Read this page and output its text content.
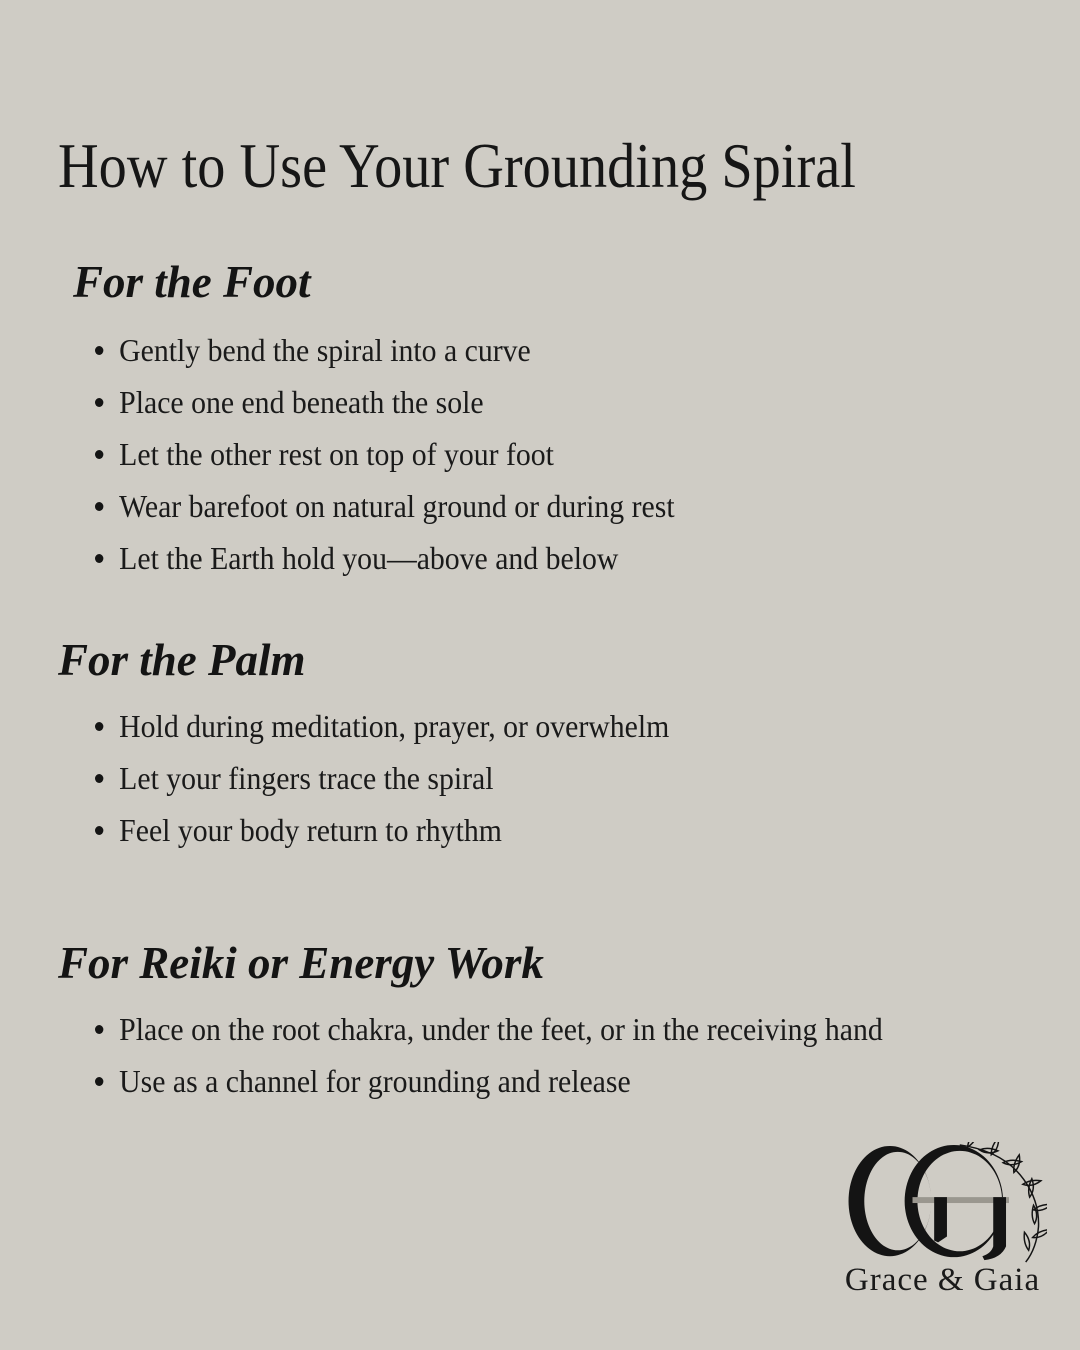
How to Use Your Grounding Spiral
For the Foot
Gently bend the spiral into a curve
Place one end beneath the sole
Let the other rest on top of your foot
Wear barefoot on natural ground or during rest
Let the Earth hold you—above and below
For the Palm
Hold during meditation, prayer, or overwhelm
Let your fingers trace the spiral
Feel your body return to rhythm
For Reiki or Energy Work
Place on the root chakra, under the feet, or in the receiving hand
Use as a channel for grounding and release
Grace & Gaia
